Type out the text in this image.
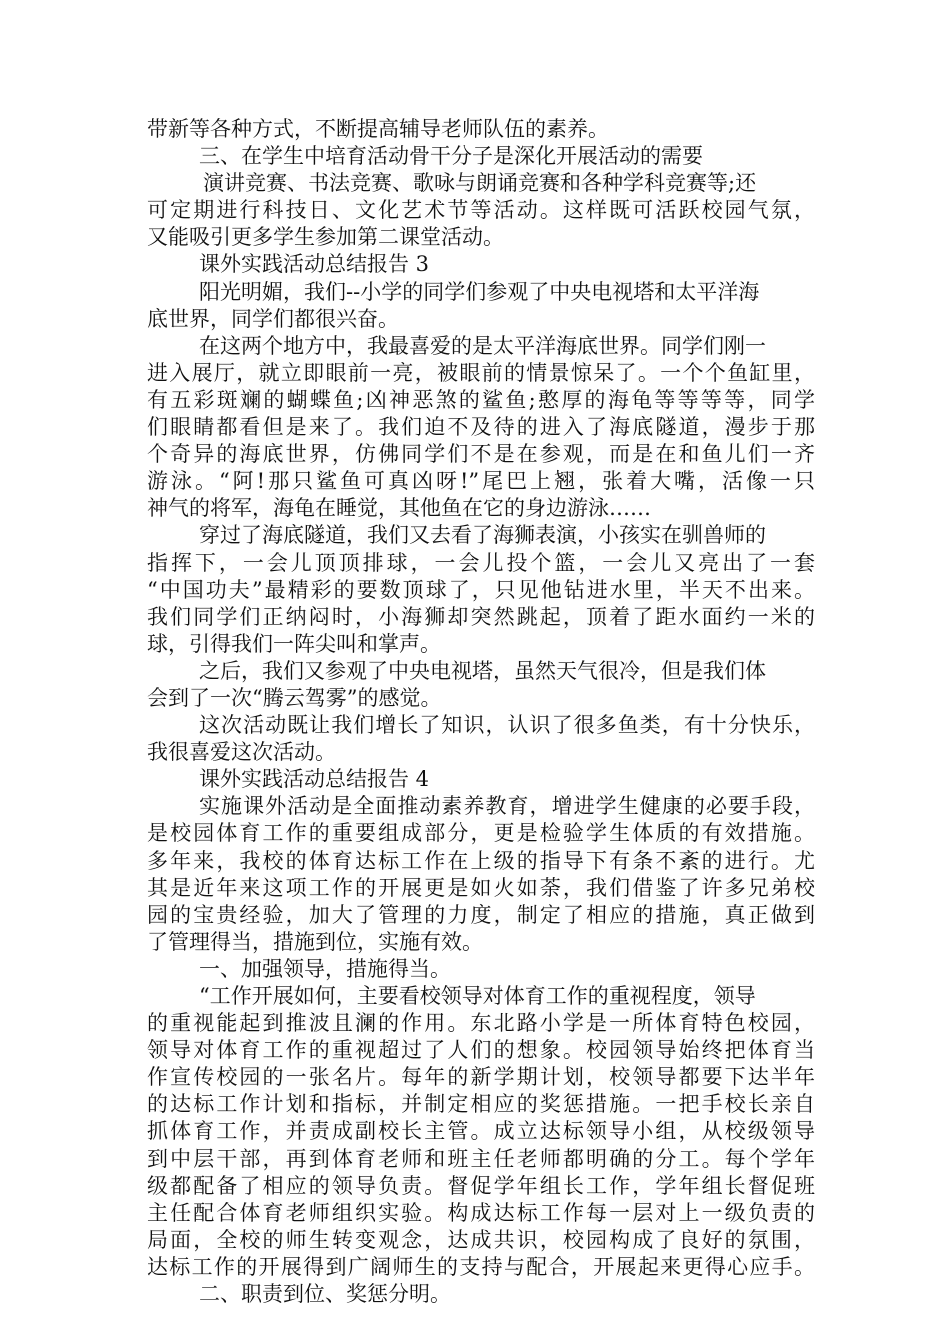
带新等各种方式，不断提高辅导老师队伍的素养。
三、在学生中培育活动骨干分子是深化开展活动的需要
演讲竞赛、书法竞赛、歌咏与朗诵竞赛和各种学科竞赛等;还
可定期进行科技日、文化艺术节等活动。这样既可活跃校园气氛，
又能吸引更多学生参加第二课堂活动。
课外实践活动总结报告 3
阳光明媚，我们--小学的同学们参观了中央电视塔和太平洋海
底世界，同学们都很兴奋。
在这两个地方中，我最喜爱的是太平洋海底世界。同学们刚一
进入展厅，就立即眼前一亮，被眼前的情景惊呆了。一个个鱼缸里，
有五彩斑斓的蝴蝶鱼;凶神恶煞的鲨鱼;憨厚的海龟等等等等，同学
们眼睛都看但是来了。我们迫不及待的进入了海底隧道，漫步于那
个奇异的海底世界，仿佛同学们不是在参观，而是在和鱼儿们一齐
游泳。“阿!那只鲨鱼可真凶呀!”尾巴上翘，张着大嘴，活像一只
神气的将军，海龟在睡觉，其他鱼在它的身边游泳……
穿过了海底隧道，我们又去看了海狮表演，小孩实在驯兽师的
指挥下，一会儿顶顶排球，一会儿投个篮，一会儿又亮出了一套
“中国功夫”最精彩的要数顶球了，只见他钻进水里，半天不出来。
我们同学们正纳闷时，小海狮却突然跳起，顶着了距水面约一米的
球，引得我们一阵尖叫和掌声。
之后，我们又参观了中央电视塔，虽然天气很冷，但是我们体
会到了一次“腾云驾雾”的感觉。
这次活动既让我们增长了知识，认识了很多鱼类，有十分快乐，
我很喜爱这次活动。
课外实践活动总结报告 4
实施课外活动是全面推动素养教育，增进学生健康的必要手段，
是校园体育工作的重要组成部分，更是检验学生体质的有效措施。
多年来，我校的体育达标工作在上级的指导下有条不紊的进行。尤
其是近年来这项工作的开展更是如火如荼，我们借鉴了许多兄弟校
园的宝贵经验，加大了管理的力度，制定了相应的措施，真正做到
了管理得当，措施到位，实施有效。
一、加强领导，措施得当。
“工作开展如何，主要看校领导对体育工作的重视程度，领导
的重视能起到推波且澜的作用。东北路小学是一所体育特色校园，
领导对体育工作的重视超过了人们的想象。校园领导始终把体育当
作宣传校园的一张名片。每年的新学期计划，校领导都要下达半年
的达标工作计划和指标，并制定相应的奖惩措施。一把手校长亲自
抓体育工作，并责成副校长主管。成立达标领导小组，从校级领导
到中层干部，再到体育老师和班主任老师都明确的分工。每个学年
级都配备了相应的领导负责。督促学年组长工作，学年组长督促班
主任配合体育老师组织实验。构成达标工作每一层对上一级负责的
局面，全校的师生转变观念，达成共识，校园构成了良好的氛围，
达标工作的开展得到广阔师生的支持与配合，开展起来更得心应手。
二、职责到位、奖惩分明。
